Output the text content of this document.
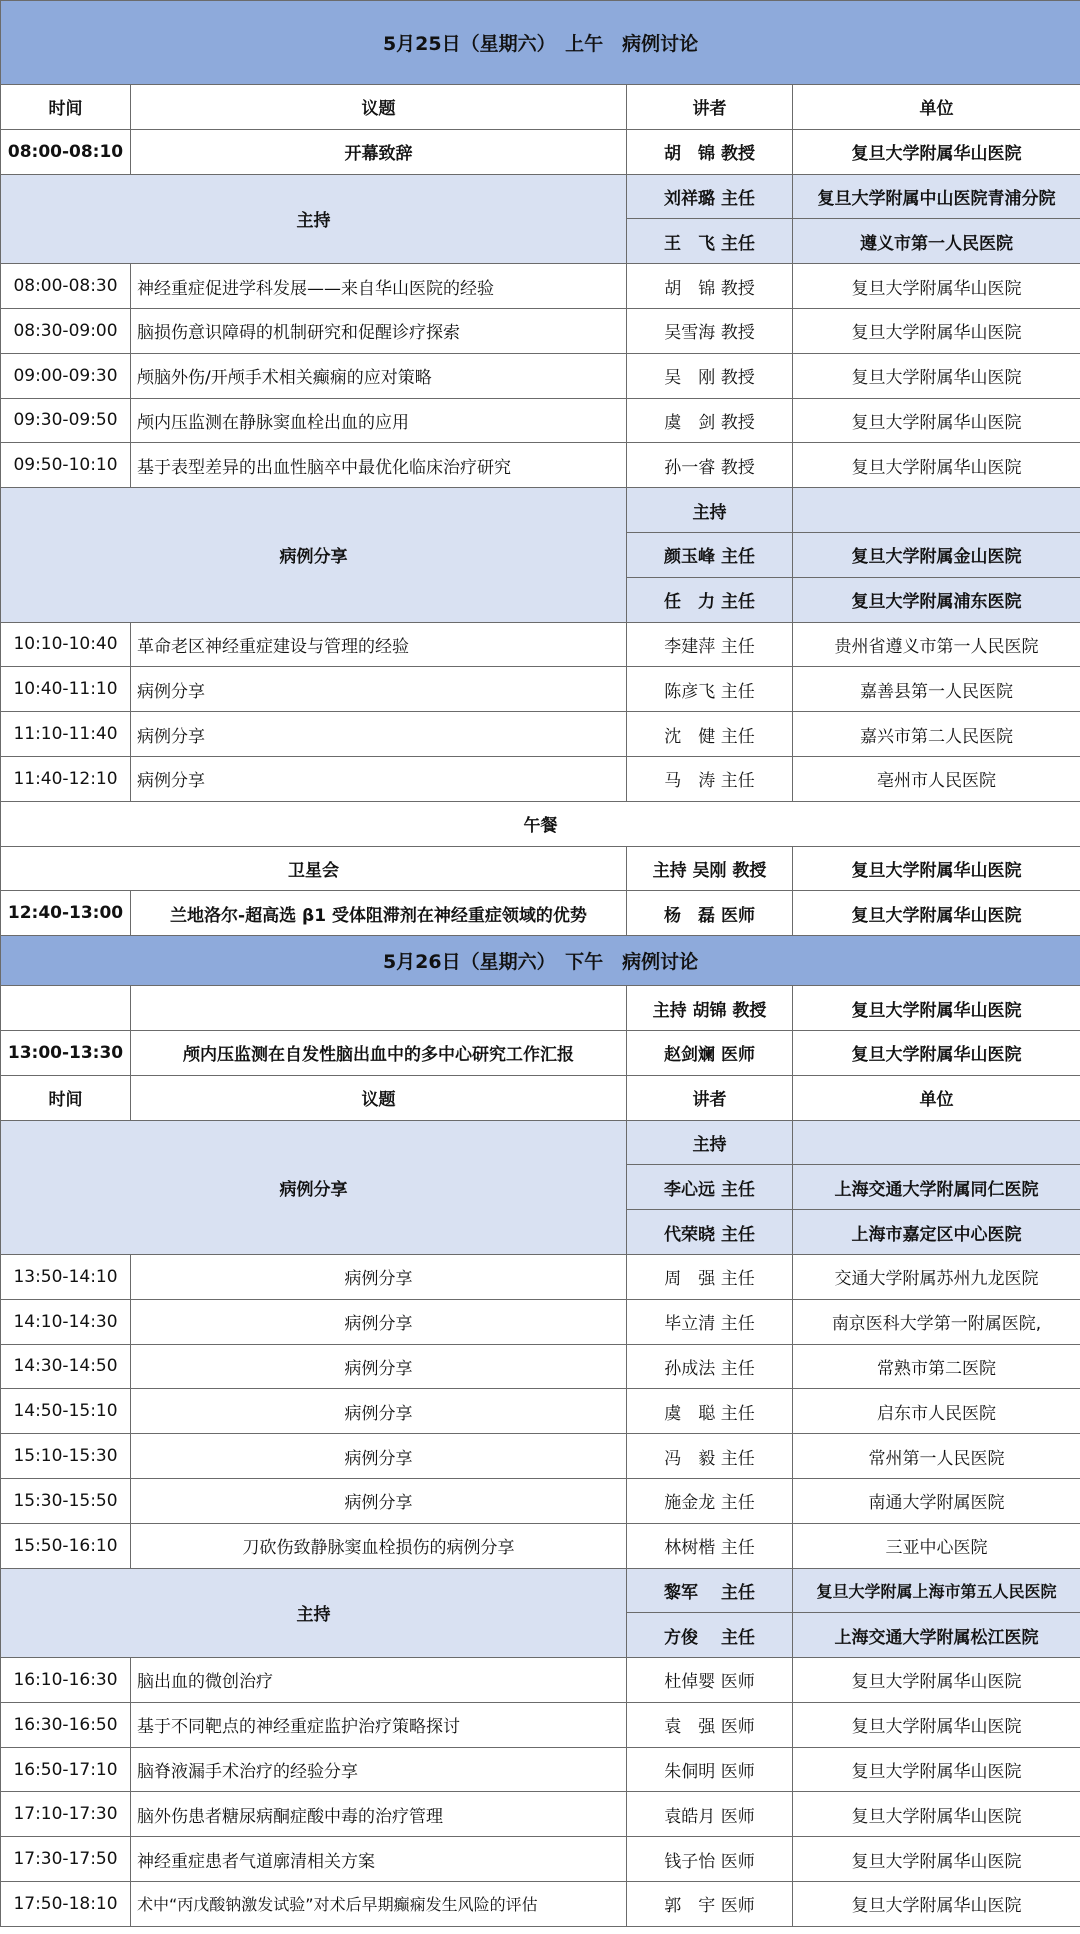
5月25日（星期六）　上午　病例讨论			
时间	议题	讲者	单位
08:00-08:10	开幕致辞	胡　锦 教授	复旦大学附属华山医院
主持		刘祥璐 主任	复旦大学附属中山医院青浦分院
		王　飞 主任	遵义市第一人民医院
08:00-08:30	神经重症促进学科发展——来自华山医院的经验	胡　锦 教授	复旦大学附属华山医院
08:30-09:00	脑损伤意识障碍的机制研究和促醒诊疗探索	吴雪海 教授	复旦大学附属华山医院
09:00-09:30	颅脑外伤/开颅手术相关癫痫的应对策略	吴　刚 教授	复旦大学附属华山医院
09:30-09:50	颅内压监测在静脉窦血栓出血的应用	虞　剑 教授	复旦大学附属华山医院
09:50-10:10	基于表型差异的出血性脑卒中最优化临床治疗研究	孙一睿 教授	复旦大学附属华山医院
病例分享		主持	
		颜玉峰 主任	复旦大学附属金山医院
		任　力 主任	复旦大学附属浦东医院
10:10-10:40	革命老区神经重症建设与管理的经验	李建萍 主任	贵州省遵义市第一人民医院
10:40-11:10	病例分享	陈彦飞 主任	嘉善县第一人民医院
11:10-11:40	病例分享	沈　健 主任	嘉兴市第二人民医院
11:40-12:10	病例分享	马　涛 主任	亳州市人民医院
午餐			
卫星会		主持 吴刚 教授	复旦大学附属华山医院
12:40-13:00	兰地洛尔-超高选 β1 受体阻滞剂在神经重症领域的优势	杨　磊 医师	复旦大学附属华山医院
5月26日（星期六）　下午　病例讨论			
		主持 胡锦 教授	复旦大学附属华山医院
13:00-13:30	颅内压监测在自发性脑出血中的多中心研究工作汇报	赵剑斓 医师	复旦大学附属华山医院
时间	议题	讲者	单位
病例分享		主持	
		李心远 主任	上海交通大学附属同仁医院
		代荣晓 主任	上海市嘉定区中心医院
13:50-14:10	病例分享	周　强 主任	交通大学附属苏州九龙医院
14:10-14:30	病例分享	毕立清 主任	南京医科大学第一附属医院,
14:30-14:50	病例分享	孙成法 主任	常熟市第二医院
14:50-15:10	病例分享	虞　聪 主任	启东市人民医院
15:10-15:30	病例分享	冯　毅 主任	常州第一人民医院
15:30-15:50	病例分享	施金龙 主任	南通大学附属医院
15:50-16:10	刀砍伤致静脉窦血栓损伤的病例分享	林树楷 主任	三亚中心医院
主持		黎军　 主任	复旦大学附属上海市第五人民医院
		方俊　 主任	上海交通大学附属松江医院
16:10-16:30	脑出血的微创治疗	杜倬婴 医师	复旦大学附属华山医院
16:30-16:50	基于不同靶点的神经重症监护治疗策略探讨	袁　强 医师	复旦大学附属华山医院
16:50-17:10	脑脊液漏手术治疗的经验分享	朱侗明 医师	复旦大学附属华山医院
17:10-17:30	脑外伤患者糖尿病酮症酸中毒的治疗管理	袁皓月 医师	复旦大学附属华山医院
17:30-17:50	神经重症患者气道廓清相关方案	钱子怡 医师	复旦大学附属华山医院
17:50-18:10	术中“丙戊酸钠激发试验”对术后早期癫痫发生风险的评估	郭　宇 医师	复旦大学附属华山医院
